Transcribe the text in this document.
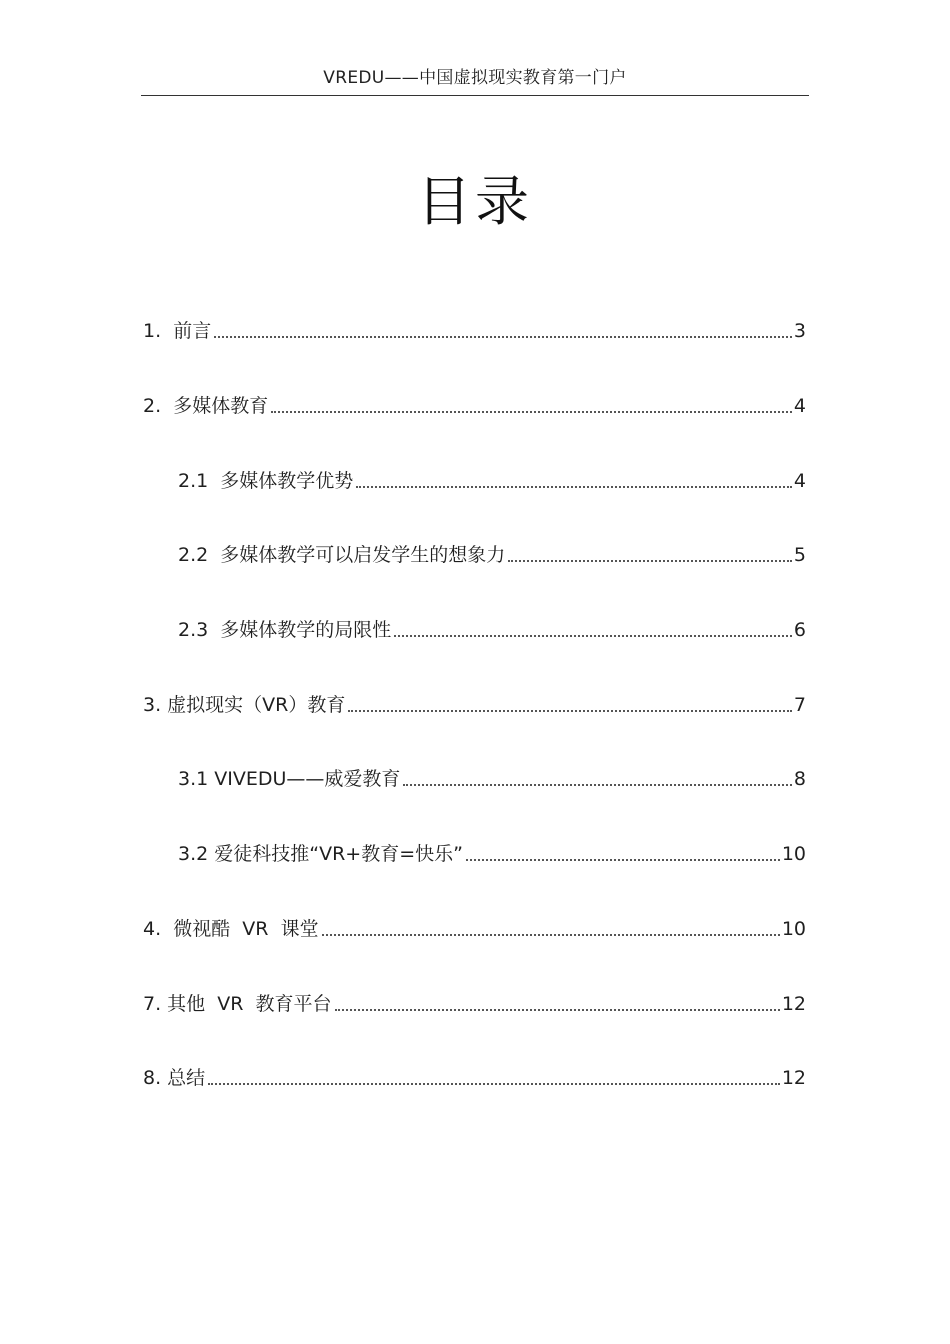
VREDU——中国虚拟现实教育第一门户
目录
1.  前言	3
2.  多媒体教育	4
2.1  多媒体教学优势	4
2.2  多媒体教学可以启发学生的想象力	5
2.3  多媒体教学的局限性	6
3. 虚拟现实（VR）教育	7
3.1 VIVEDU——威爱教育	8
3.2 爱徒科技推“VR+教育=快乐”	10
4.  微视酷  VR  课堂	10
7. 其他  VR  教育平台	12
8. 总结	12
